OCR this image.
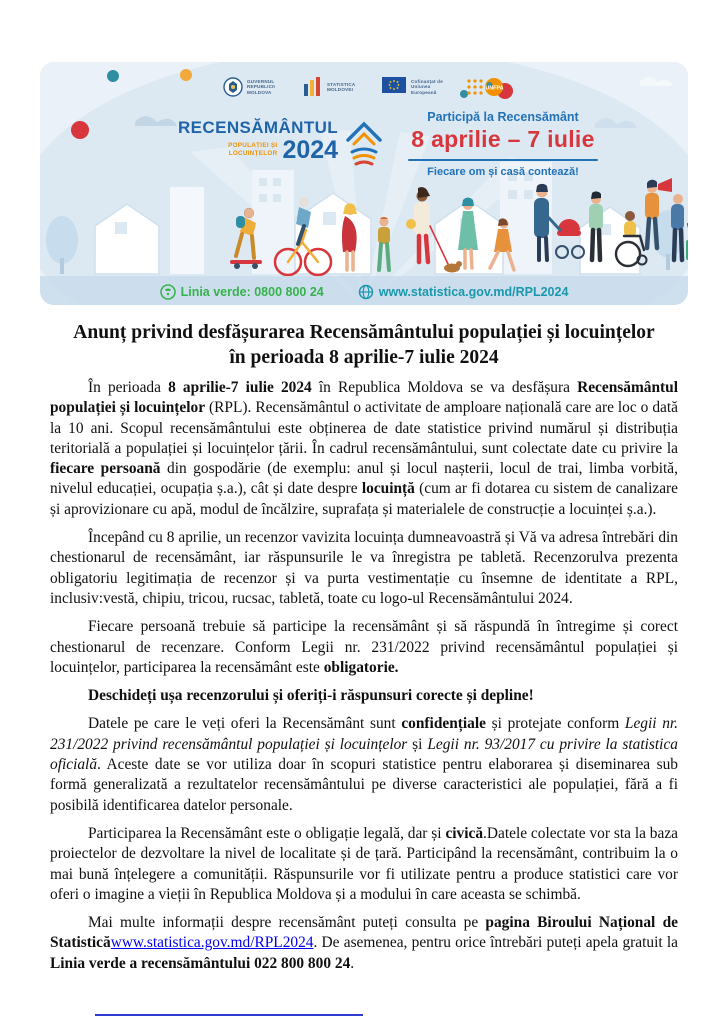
GUVERNUL REPUBLICII MOLDOVA
STATISTICA MOLDOVEI
Cofinanțat de Uniunea Europeană
UNFPA
RECENSĂMÂNTUL
POPULAȚIEI ȘI
LOCUINȚELOR 2024
Participă la Recensământ
8 aprilie – 7 iulie
Fiecare om și casă contează!
Linia verde: 0800 800 24	www.statistica.gov.md/RPL2024
Anunț privind desfășurarea Recensământului populației și locuințelor
în perioada 8 aprilie-7 iulie 2024

În perioada 8 aprilie-7 iulie 2024 în Republica Moldova se va desfășura Recensământul populației și locuințelor (RPL). Recensământul o activitate de amploare națională care are loc o dată la 10 ani. Scopul recensământului este obținerea de date statistice privind numărul și distribuția teritorială a populației și locuințelor țării. În cadrul recensământului, sunt colectate date cu privire la fiecare persoană din gospodărie (de exemplu: anul și locul nașterii, locul de trai, limba vorbită, nivelul educației, ocupația ș.a.), cât și date despre locuință (cum ar fi dotarea cu sistem de canalizare și aprovizionare cu apă, modul de încălzire, suprafața și materialele de construcție a locuinței ș.a.).

Începând cu 8 aprilie, un recenzor vavizita locuința dumneavoastră și Vă va adresa întrebări din chestionarul de recensământ, iar răspunsurile le va înregistra pe tabletă. Recenzorulva prezenta obligatoriu legitimația de recenzor și va purta vestimentație cu însemne de identitate a RPL, inclusiv:vestă, chipiu, tricou, rucsac, tabletă, toate cu logo-ul Recensământului 2024.

Fiecare persoană trebuie să participe la recensământ și să răspundă în întregime și corect chestionarul de recenzare. Conform Legii nr. 231/2022 privind recensământul populației și locuințelor, participarea la recensământ este obligatorie.

Deschideți ușa recenzorului și oferiți-i răspunsuri corecte și depline!

Datele pe care le veți oferi la Recensământ sunt confidențiale și protejate conform Legii nr. 231/2022 privind recensământul populației și locuințelor și Legii nr. 93/2017 cu privire la statistica oficială. Aceste date se vor utiliza doar în scopuri statistice pentru elaborarea și diseminarea sub formă generalizată a rezultatelor recensământului pe diverse caracteristici ale populației, fără a fi posibilă identificarea datelor personale.

Participarea la Recensământ este o obligație legală, dar și civică.Datele colectate vor sta la baza proiectelor de dezvoltare la nivel de localitate și de țară. Participând la recensământ, contribuim la o mai bună înțelegere a comunității. Răspunsurile vor fi utilizate pentru a produce statistici care vor oferi o imagine a vieții în Republica Moldova și a modului în care aceasta se schimbă.

Mai multe informații despre recensământ puteți consulta pe pagina Biroului Național de Statisticăwww.statistica.gov.md/RPL2024. De asemenea, pentru orice întrebări puteți apela gratuit la Linia verde a recensământului 022 800 800 24.
